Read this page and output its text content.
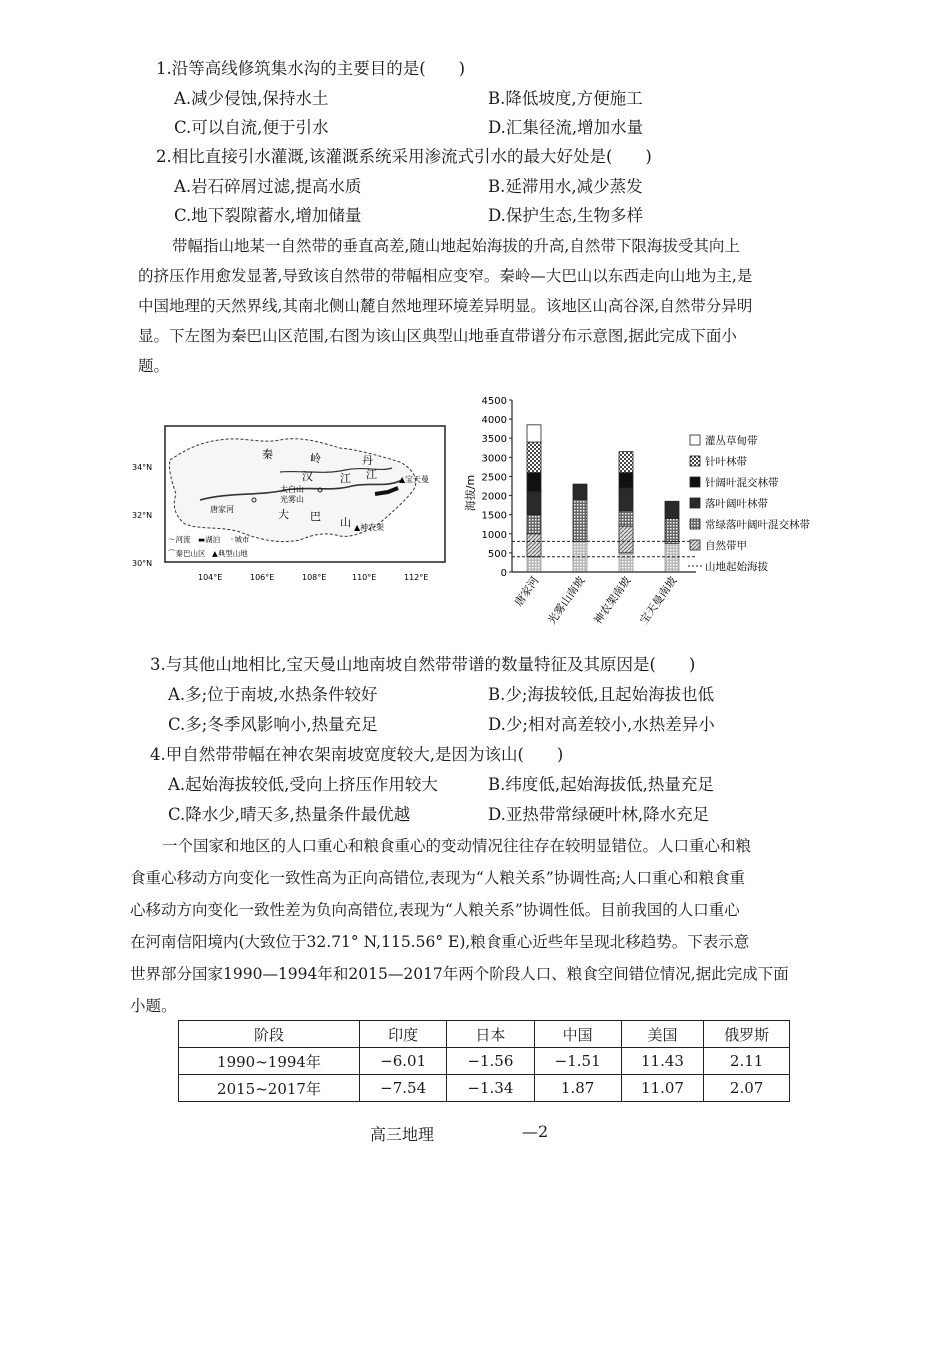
1.沿等高线修筑集水沟的主要目的是(　　)
A.减少侵蚀,保持水土	B.降低坡度,方便施工
C.可以自流,便于引水	D.汇集径流,增加水量
2.相比直接引水灌溉,该灌溉系统采用渗流式引水的最大好处是(　　)
A.岩石碎屑过滤,提高水质	B.延滞用水,减少蒸发
C.地下裂隙蓄水,增加储量	D.保护生态,生物多样
带幅指山地某一自然带的垂直高差,随山地起始海拔的升高,自然带下限海拔受其向上
的挤压作用愈发显著,导致该自然带的带幅相应变窄。秦岭—大巴山以东西走向山地为主,是
中国地理的天然界线,其南北侧山麓自然地理环境差异明显。该地区山高谷深,自然带分异明
显。下左图为秦巴山区范围,右图为该山区典型山地垂直带谱分布示意图,据此完成下面小
题。
秦	岭
汉
丹
江
大 巴 山
江
太白山
光雾山
宝天曼
神农架
唐家河
▲
▲
〜河流 ▬湖泊 ◦城市
⌒秦巴山区 ▲典型山地
34°N
32°N
30°N
104°E	106°E	108°E	110°E	112°E	0
500
1000
1500
2000
2500
3000
3500
4000
4500
唐家河 光雾山南坡 神农架南坡 宝天曼南坡
海拔/m
灌丛草甸带
针叶林带
针阔叶混交林带
落叶阔叶林带
常绿落叶阔叶混交林带
自然带甲
山地起始海拔
3.与其他山地相比,宝天曼山地南坡自然带带谱的数量特征及其原因是(　　)
A.多;位于南坡,水热条件较好	B.少;海拔较低,且起始海拔也低
C.多;冬季风影响小,热量充足	D.少;相对高差较小,水热差异小
4.甲自然带带幅在神农架南坡宽度较大,是因为该山(　　)
A.起始海拔较低,受向上挤压作用较大	B.纬度低,起始海拔低,热量充足
C.降水少,晴天多,热量条件最优越	D.亚热带常绿硬叶林,降水充足
一个国家和地区的人口重心和粮食重心的变动情况往往存在较明显错位。人口重心和粮
食重心移动方向变化一致性高为正向高错位,表现为“人粮关系”协调性高;人口重心和粮食重
心移动方向变化一致性差为负向高错位,表现为“人粮关系”协调性低。目前我国的人口重心
在河南信阳境内(大致位于32.71° N,115.56° E),粮食重心近些年呈现北移趋势。下表示意
世界部分国家1990—1994年和2015—2017年两个阶段人口、粮食空间错位情况,据此完成下面
小题。
阶段	印度	日本	中国	美国	俄罗斯
1990~1994年	−6.01	−1.56	−1.51	11.43	2.11
2015~2017年	−7.54	−1.34	1.87	11.07	2.07
高三地理	—2
